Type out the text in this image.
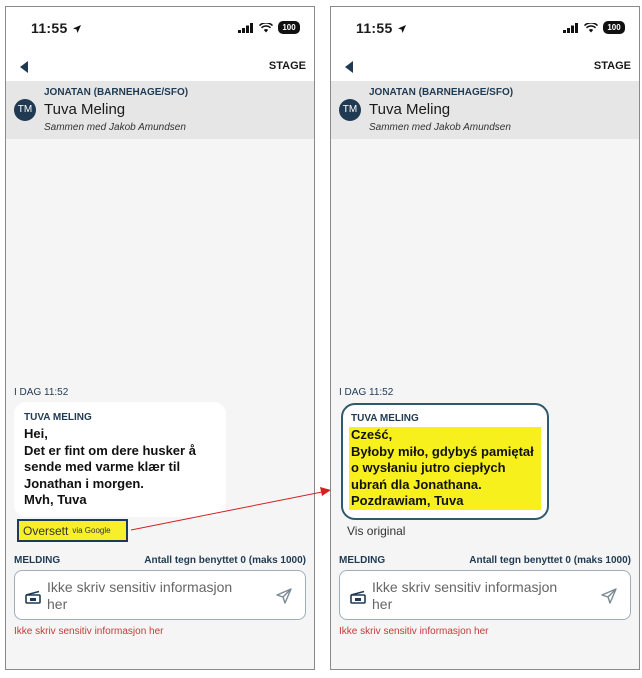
11:55	100
STAGE
TM
JONATAN (BARNEHAGE/SFO)
Tuva Meling
Sammen med Jakob Amundsen
I DAG 11:52
TUVA MELING
Hei,
Det er fint om dere husker å sende med varme klær til Jonathan i morgen.
Mvh, Tuva
Oversett via Google
MELDING	Antall tegn benyttet 0 (maks 1000)
Ikke skriv sensitiv informasjon her
Ikke skriv sensitiv informasjon her
11:55	100
STAGE
TM
JONATAN (BARNEHAGE/SFO)
Tuva Meling
Sammen med Jakob Amundsen
I DAG 11:52
TUVA MELING
Cześć,
Byłoby miło, gdybyś pamiętał o wysłaniu jutro ciepłych ubrań dla Jonathana.
Pozdrawiam, Tuva
Vis original
MELDING	Antall tegn benyttet 0 (maks 1000)
Ikke skriv sensitiv informasjon her
Ikke skriv sensitiv informasjon her
